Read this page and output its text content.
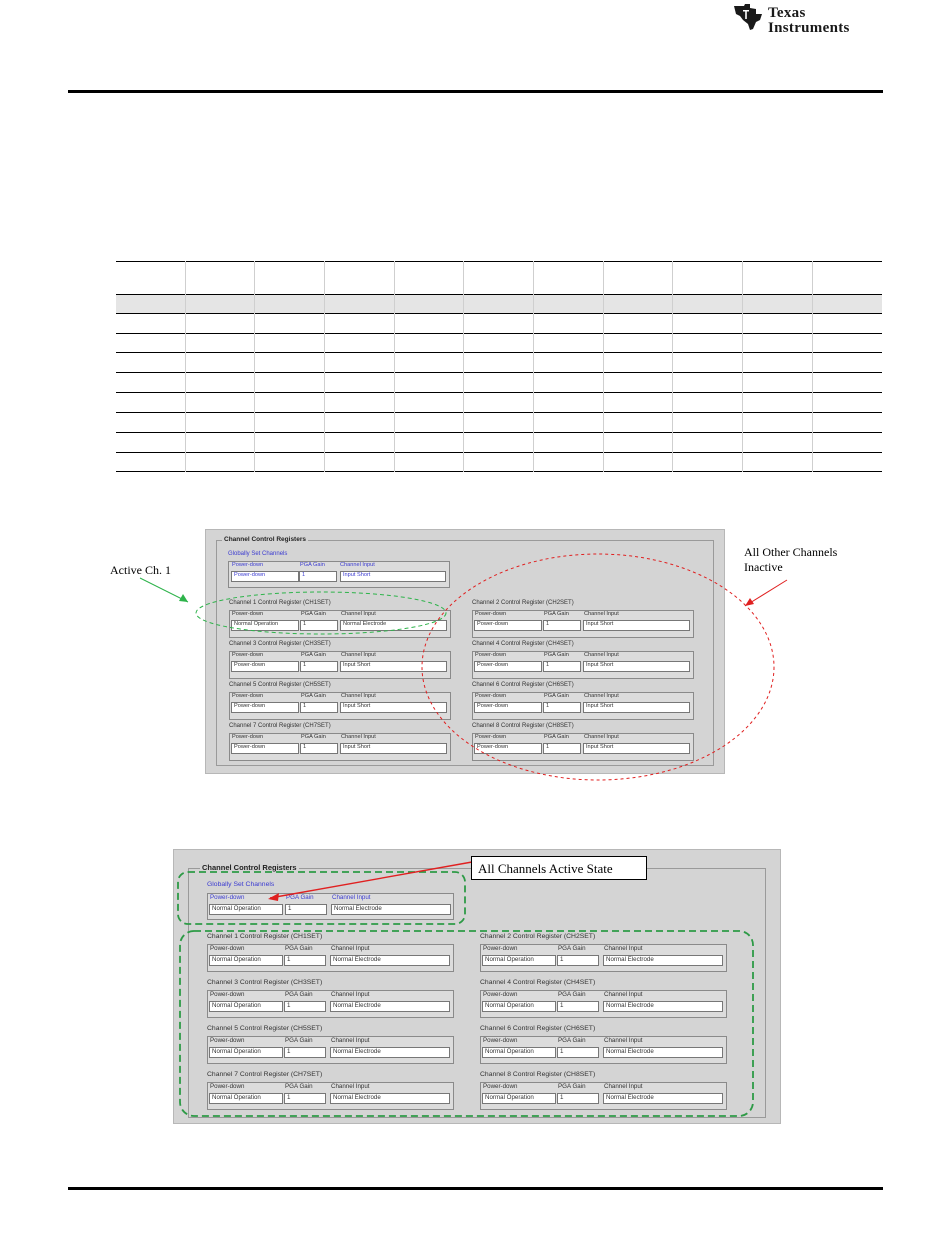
Texas
Instruments
Channel Control Registers
Globally Set Channels
Power-down	PGA Gain	Channel Input
Power-down	1	Input Short
Channel 1 Control Register (CH1SET)
Power-down	PGA Gain	Channel Input
Normal Operation	1	Normal Electrode
Channel 2 Control Register (CH2SET)
Power-down	PGA Gain	Channel Input
Power-down	1	Input Short
Channel 3 Control Register (CH3SET)
Power-down	PGA Gain	Channel Input
Power-down	1	Input Short
Channel 4 Control Register (CH4SET)
Power-down	PGA Gain	Channel Input
Power-down	1	Input Short
Channel 5 Control Register (CH5SET)
Power-down	PGA Gain	Channel Input
Power-down	1	Input Short
Channel 6 Control Register (CH6SET)
Power-down	PGA Gain	Channel Input
Power-down	1	Input Short
Channel 7 Control Register (CH7SET)
Power-down	PGA Gain	Channel Input
Power-down	1	Input Short
Channel 8 Control Register (CH8SET)
Power-down	PGA Gain	Channel Input
Power-down	1	Input Short
Active Ch. 1
All Other Channels
Inactive
Channel Control Registers
Globally Set Channels
Power-down	PGA Gain	Channel Input
Normal Operation	1	Normal Electrode
Channel 1 Control Register (CH1SET)
Power-down	PGA Gain	Channel Input
Normal Operation	1	Normal Electrode
Channel 2 Control Register (CH2SET)
Power-down	PGA Gain	Channel Input
Normal Operation	1	Normal Electrode
Channel 3 Control Register (CH3SET)
Power-down	PGA Gain	Channel Input
Normal Operation	1	Normal Electrode
Channel 4 Control Register (CH4SET)
Power-down	PGA Gain	Channel Input
Normal Operation	1	Normal Electrode
Channel 5 Control Register (CH5SET)
Power-down	PGA Gain	Channel Input
Normal Operation	1	Normal Electrode
Channel 6 Control Register (CH6SET)
Power-down	PGA Gain	Channel Input
Normal Operation	1	Normal Electrode
Channel 7 Control Register (CH7SET)
Power-down	PGA Gain	Channel Input
Normal Operation	1	Normal Electrode
Channel 8 Control Register (CH8SET)
Power-down	PGA Gain	Channel Input
Normal Operation	1	Normal Electrode
All Channels Active State
